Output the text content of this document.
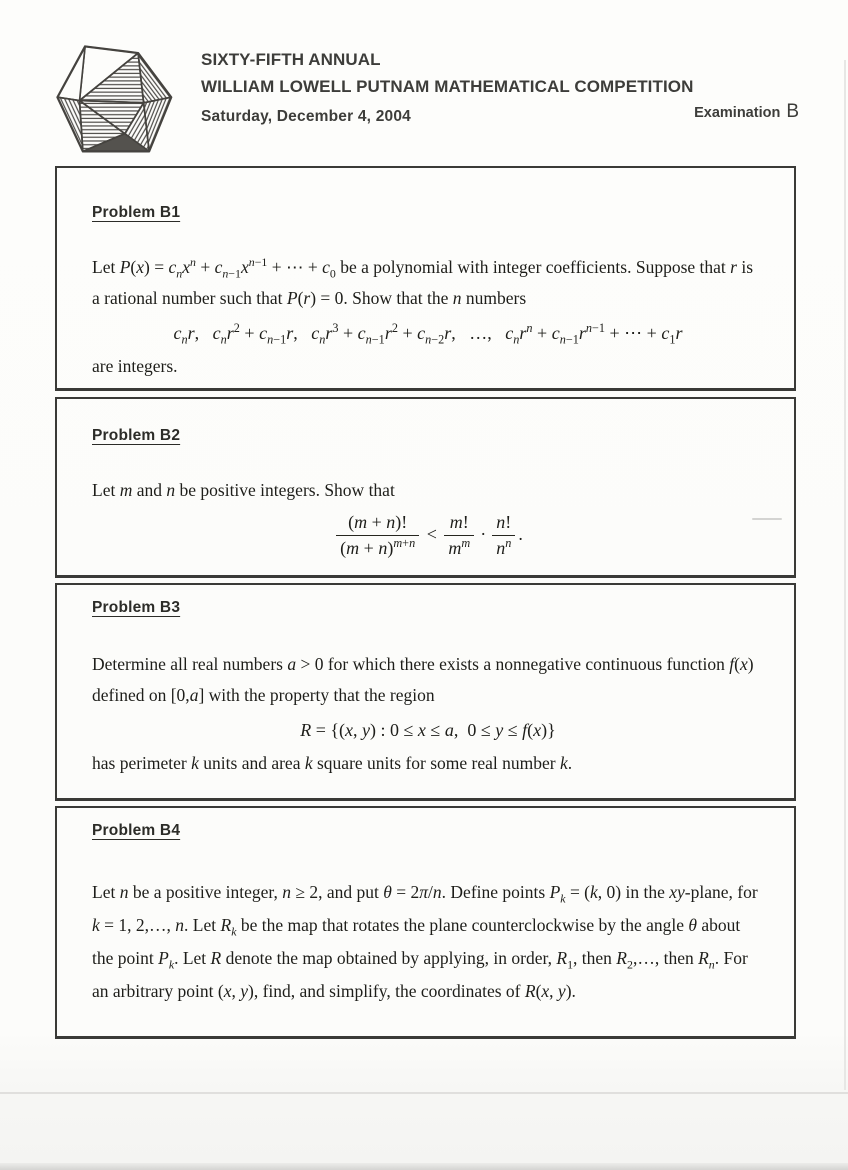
SIXTY-FIFTH ANNUAL
WILLIAM LOWELL PUTNAM MATHEMATICAL COMPETITION
Saturday, December 4, 2004	Examination B
Problem B1

Let $P(x) = c_nx^n + c_{n-1}x^{n-1}$ + ⋯ + $c_0$ be a polynomial with integer coefficients. Suppose that r is a rational number such that P(r) = 0. Show that the n numbers

$c_nr$,   $c_nr^2 + c_{n-1}r$,   $c_nr^3 + c_{n-1}r^2 + c_{n-2}r$,   …,   $c_nr^n + c_{n-1}r^{n-1}$ + ⋯ + $c_1r$

are integers.

Problem B2

Let m and n be positive integers. Show that

$\frac{(m + n)!}{(m + n)^{m+n}} < \frac{m!}{m^m} \cdot \frac{n!}{n^n}$ .
Problem B3

Determine all real numbers a > 0 for which there exists a nonnegative continuous function f(x) defined on [0,a] with the property that the region

R = {(x, y) : 0 ≤ x ≤ a,  0 ≤ y ≤ f(x)}

has perimeter k units and area k square units for some real number k.

Problem B4

Let n be a positive integer, n ≥ 2, and put θ = 2π/n. Define points $P_k = (k$, 0) in the xy-plane, for k = 1, 2,…, n. Let $R_k$ be the map that rotates the plane counterclockwise by the angle θ about the point $P_k$. Let R denote the map obtained by applying, in order, $R_1$, then $R_2,\dots$, then $R_n$. For an arbitrary point (x, y), find, and simplify, the coordinates of R(x, y).
